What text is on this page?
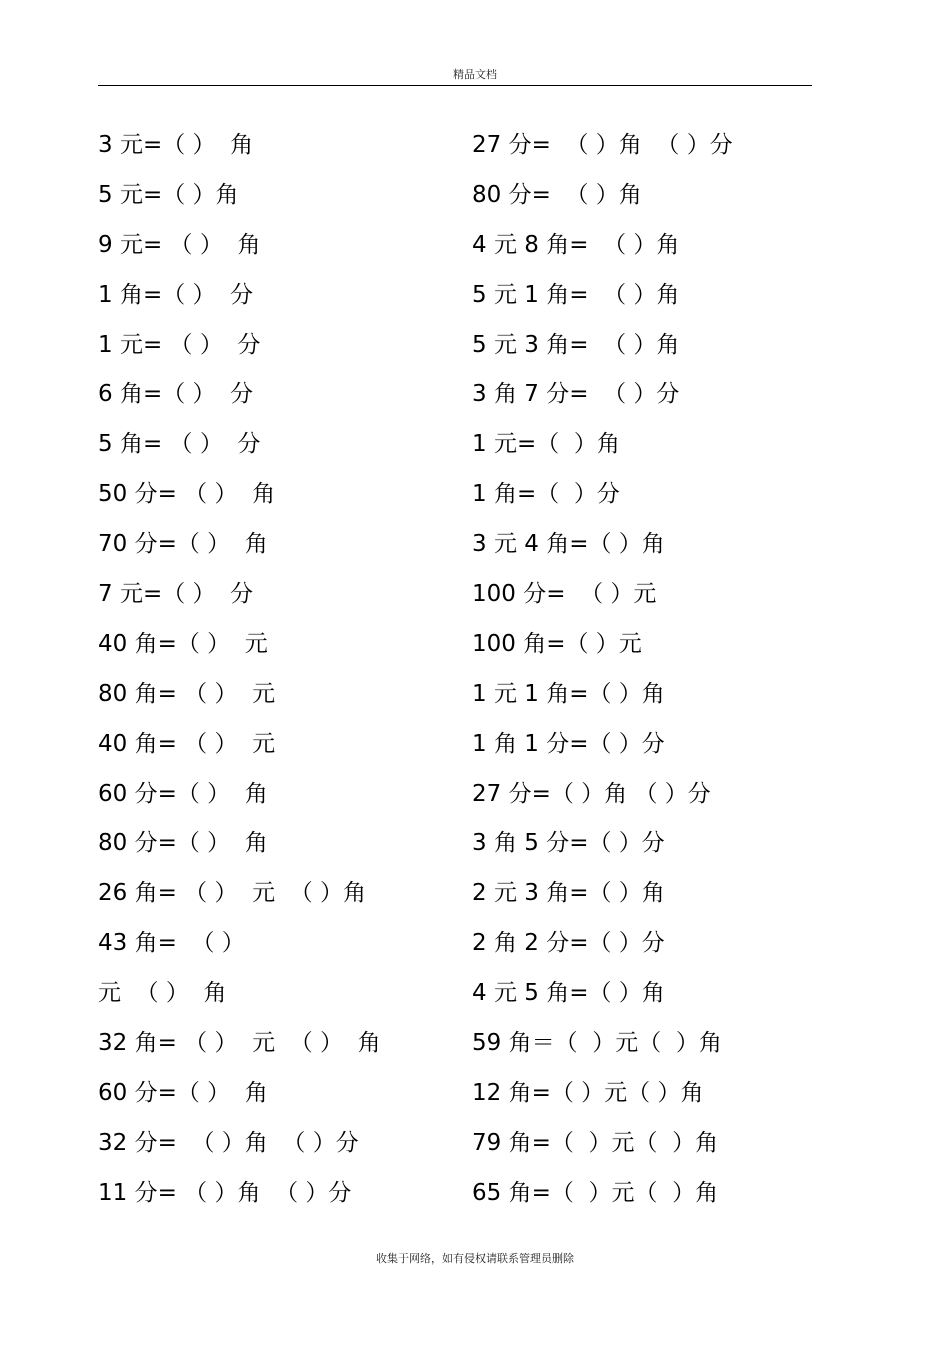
精品文档
3 元=（ ）  角
5 元=（ ）角
9 元= （ ）  角
1 角=（ ）  分
1 元= （ ）  分
6 角=（ ）  分
5 角= （ ）  分
50 分= （ ）  角
70 分=（ ）  角
7 元=（ ）  分
40 角=（ ）  元
80 角= （ ）  元
40 角= （ ）  元
60 分=（ ）  角
80 分=（ ）  角
26 角= （ ）  元  （ ）角
43 角=  （ ）
元  （ ）  角
32 角= （ ）  元  （ ）  角
60 分=（ ）  角
32 分=  （ ）角  （ ）分
11 分= （ ）角  （ ）分
27 分=  （ ）角  （ ）分
80 分=  （ ）角
4 元 8 角=  （ ）角
5 元 1 角=  （ ）角
5 元 3 角=  （ ）角
3 角 7 分=  （ ）分
1 元=（  ）角
1 角=（  ）分
3 元 4 角=（ ）角
100 分=  （ ）元
100 角=（ ）元
1 元 1 角=（ ）角
1 角 1 分=（ ）分
27 分=（ ）角 （ ）分
3 角 5 分=（ ）分
2 元 3 角=（ ）角
2 角 2 分=（ ）分
4 元 5 角=（ ）角
59 角＝（  ）元（  ）角
12 角=（ ）元（ ）角
79 角=（  ）元（  ）角
65 角=（  ）元（  ）角
收集于网络，如有侵权请联系管理员删除
